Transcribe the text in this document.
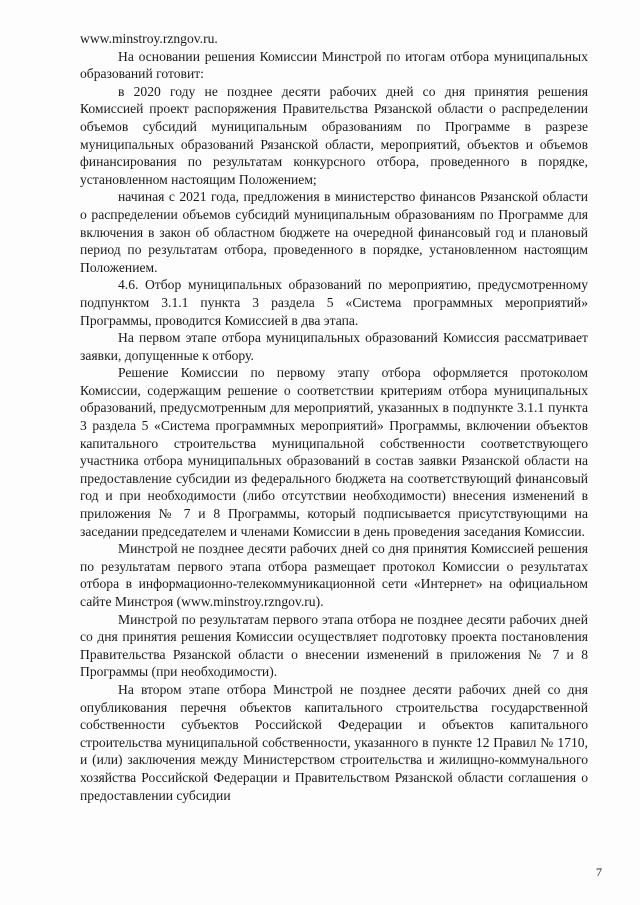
www.minstroy.rzngov.ru.

На основании решения Комиссии Минстрой по итогам отбора муниципальных образований готовит:

в 2020 году не позднее десяти рабочих дней со дня принятия решения Комиссией проект распоряжения Правительства Рязанской области о распределении объемов субсидий муниципальным образованиям по Программе в разрезе муниципальных образований Рязанской области, мероприятий, объектов и объемов финансирования по результатам конкурсного отбора, проведенного в порядке, установленном настоящим Положением;

начиная с 2021 года, предложения в министерство финансов Рязанской области о распределении объемов субсидий муниципальным образованиям по Программе для включения в закон об областном бюджете на очередной финансовый год и плановый период по результатам отбора, проведенного в порядке, установленном настоящим Положением.

4.6. Отбор муниципальных образований по мероприятию, предусмотренному подпунктом 3.1.1 пункта 3 раздела 5 «Система программных мероприятий» Программы, проводится Комиссией в два этапа.

На первом этапе отбора муниципальных образований Комиссия рассматривает заявки, допущенные к отбору.

Решение Комиссии по первому этапу отбора оформляется протоколом Комиссии, содержащим решение о соответствии критериям отбора муниципальных образований, предусмотренным для мероприятий, указанных в подпункте 3.1.1 пункта 3 раздела 5 «Система программных мероприятий» Программы, включении объектов капитального строительства муниципальной собственности соответствующего участника отбора муниципальных образований в состав заявки Рязанской области на предоставление субсидии из федерального бюджета на соответствующий финансовый год и при необходимости (либо отсутствии необходимости) внесения изменений в приложения № 7 и 8 Программы, который подписывается присутствующими на заседании председателем и членами Комиссии в день проведения заседания Комиссии.

Минстрой не позднее десяти рабочих дней со дня принятия Комиссией решения по результатам первого этапа отбора размещает протокол Комиссии о результатах отбора в информационно-телекоммуникационной сети «Интернет» на официальном сайте Минстроя (www.minstroy.rzngov.ru).

Минстрой по результатам первого этапа отбора не позднее десяти рабочих дней со дня принятия решения Комиссии осуществляет подготовку проекта постановления Правительства Рязанской области о внесении изменений в приложения № 7 и 8 Программы (при необходимости).

На втором этапе отбора Минстрой не позднее десяти рабочих дней со дня опубликования перечня объектов капитального строительства государственной собственности субъектов Российской Федерации и объектов капитального строительства муниципальной собственности, указанного в пункте 12 Правил № 1710, и (или) заключения между Министерством строительства и жилищно-коммунального хозяйства Российской Федерации и Правительством Рязанской области соглашения о предоставлении субсидии

7
